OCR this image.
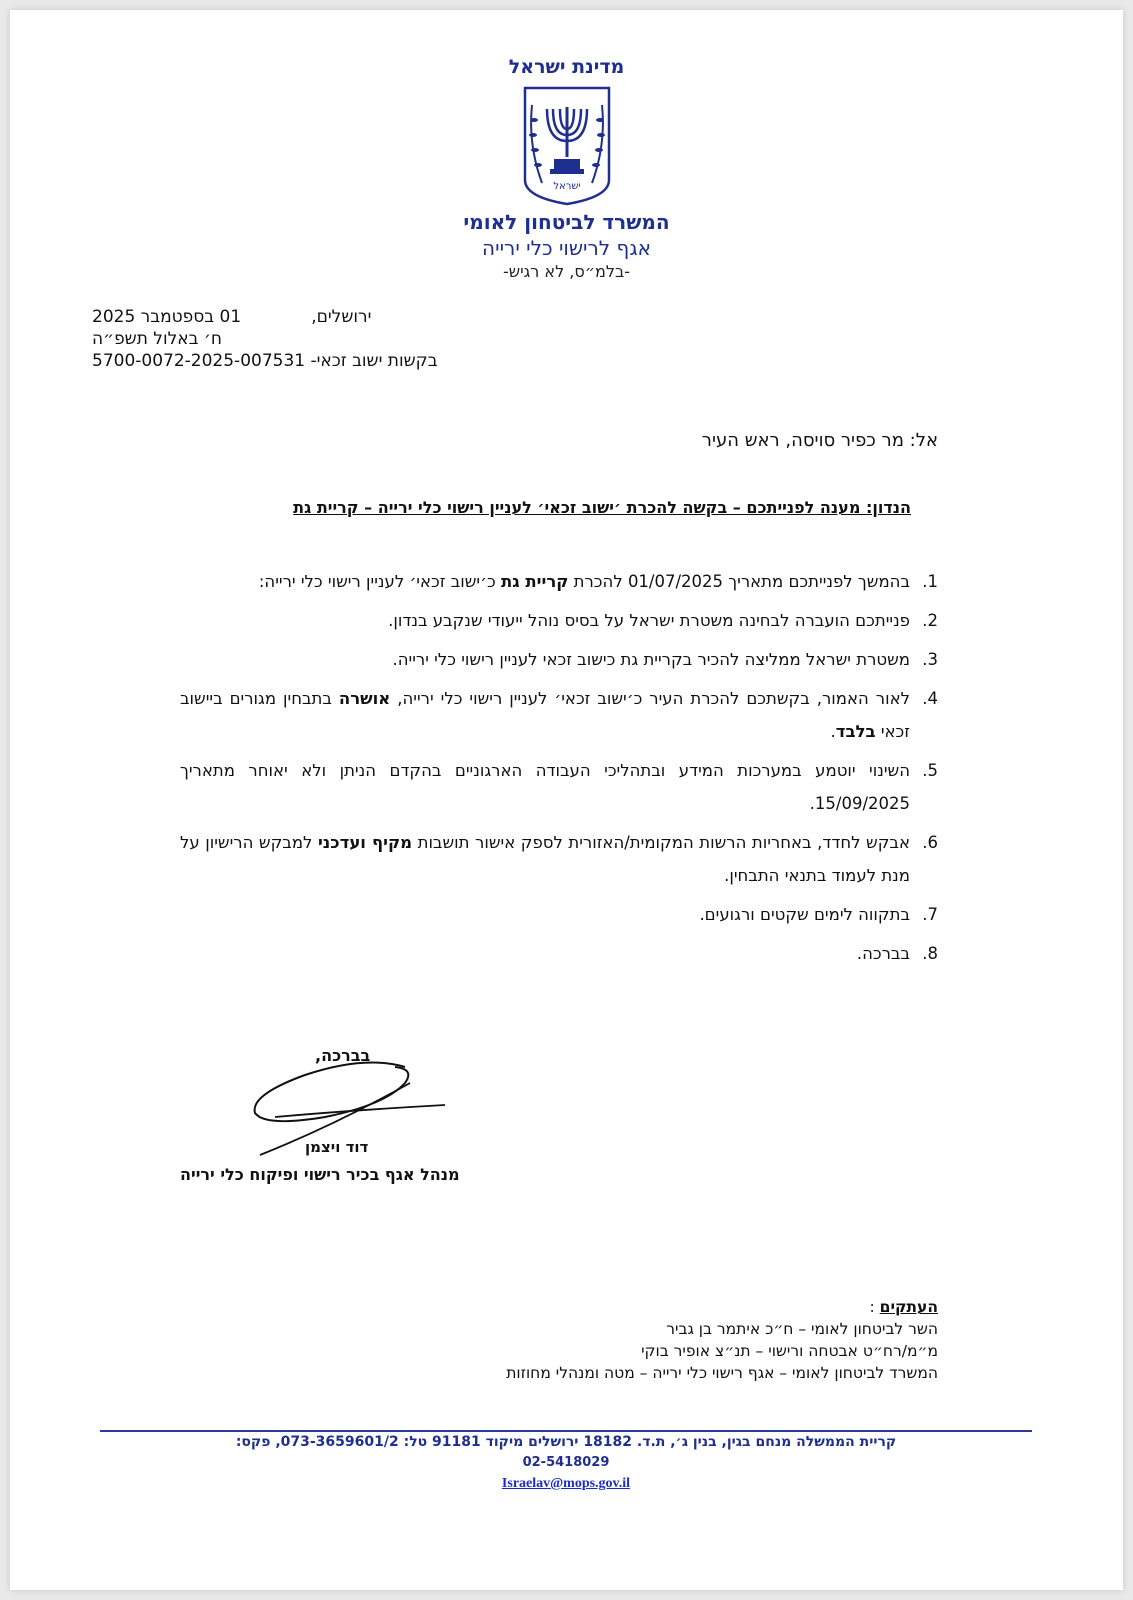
מדינת ישראל
ישראל
המשרד לביטחון לאומי
אגף לרישוי כלי ירייה
-בלמ״ס, לא רגיש-
ירושלים,01 בספטמבר 2025
ח׳ באלול תשפ״ה
בקשות ישוב זכאי- 5700-0072-2025-007531
אל: מר כפיר סויסה, ראש העיר
הנדון: מענה לפנייתכם – בקשה להכרת ׳ישוב זכאי׳ לעניין רישוי כלי ירייה – קריית גת
1.
בהמשך לפנייתכם מתאריך 01/07/2025 להכרת קריית גת כ׳ישוב זכאי׳ לעניין רישוי כלי ירייה:
2.
פנייתכם הועברה לבחינה משטרת ישראל על בסיס נוהל ייעודי שנקבע בנדון.
3.
משטרת ישראל ממליצה להכיר בקריית גת כישוב זכאי לעניין רישוי כלי ירייה.
4.
לאור האמור, בקשתכם להכרת העיר כ׳ישוב זכאי׳ לעניין רישוי כלי ירייה, אושרה בתבחין מגורים ביישוב זכאי בלבד.
5.
השינוי יוטמע במערכות המידע ובתהליכי העבודה הארגוניים בהקדם הניתן ולא יאוחר מתאריך 15/09/2025.
6.
אבקש לחדד, באחריות הרשות המקומית/האזורית לספק אישור תושבות מקיף ועדכני למבקש הרישיון על מנת לעמוד בתנאי התבחין.
7.
בתקווה לימים שקטים ורגועים.
8.
בברכה.
בברכה,
דוד ויצמן
מנהל אגף בכיר רישוי ופיקוח כלי ירייה
העתקים :
השר לביטחון לאומי – ח״כ איתמר בן גביר
מ״מ/רח״ט אבטחה ורישוי – תנ״צ אופיר בוקי
המשרד לביטחון לאומי – אגף רישוי כלי ירייה – מטה ומנהלי מחוזות
קריית הממשלה מנחם בגין, בנין ג׳, ת.ד. 18182 ירושלים מיקוד 91181 טל: 073-3659601/2, פקס:
02-5418029
Israelav@mops.gov.il
